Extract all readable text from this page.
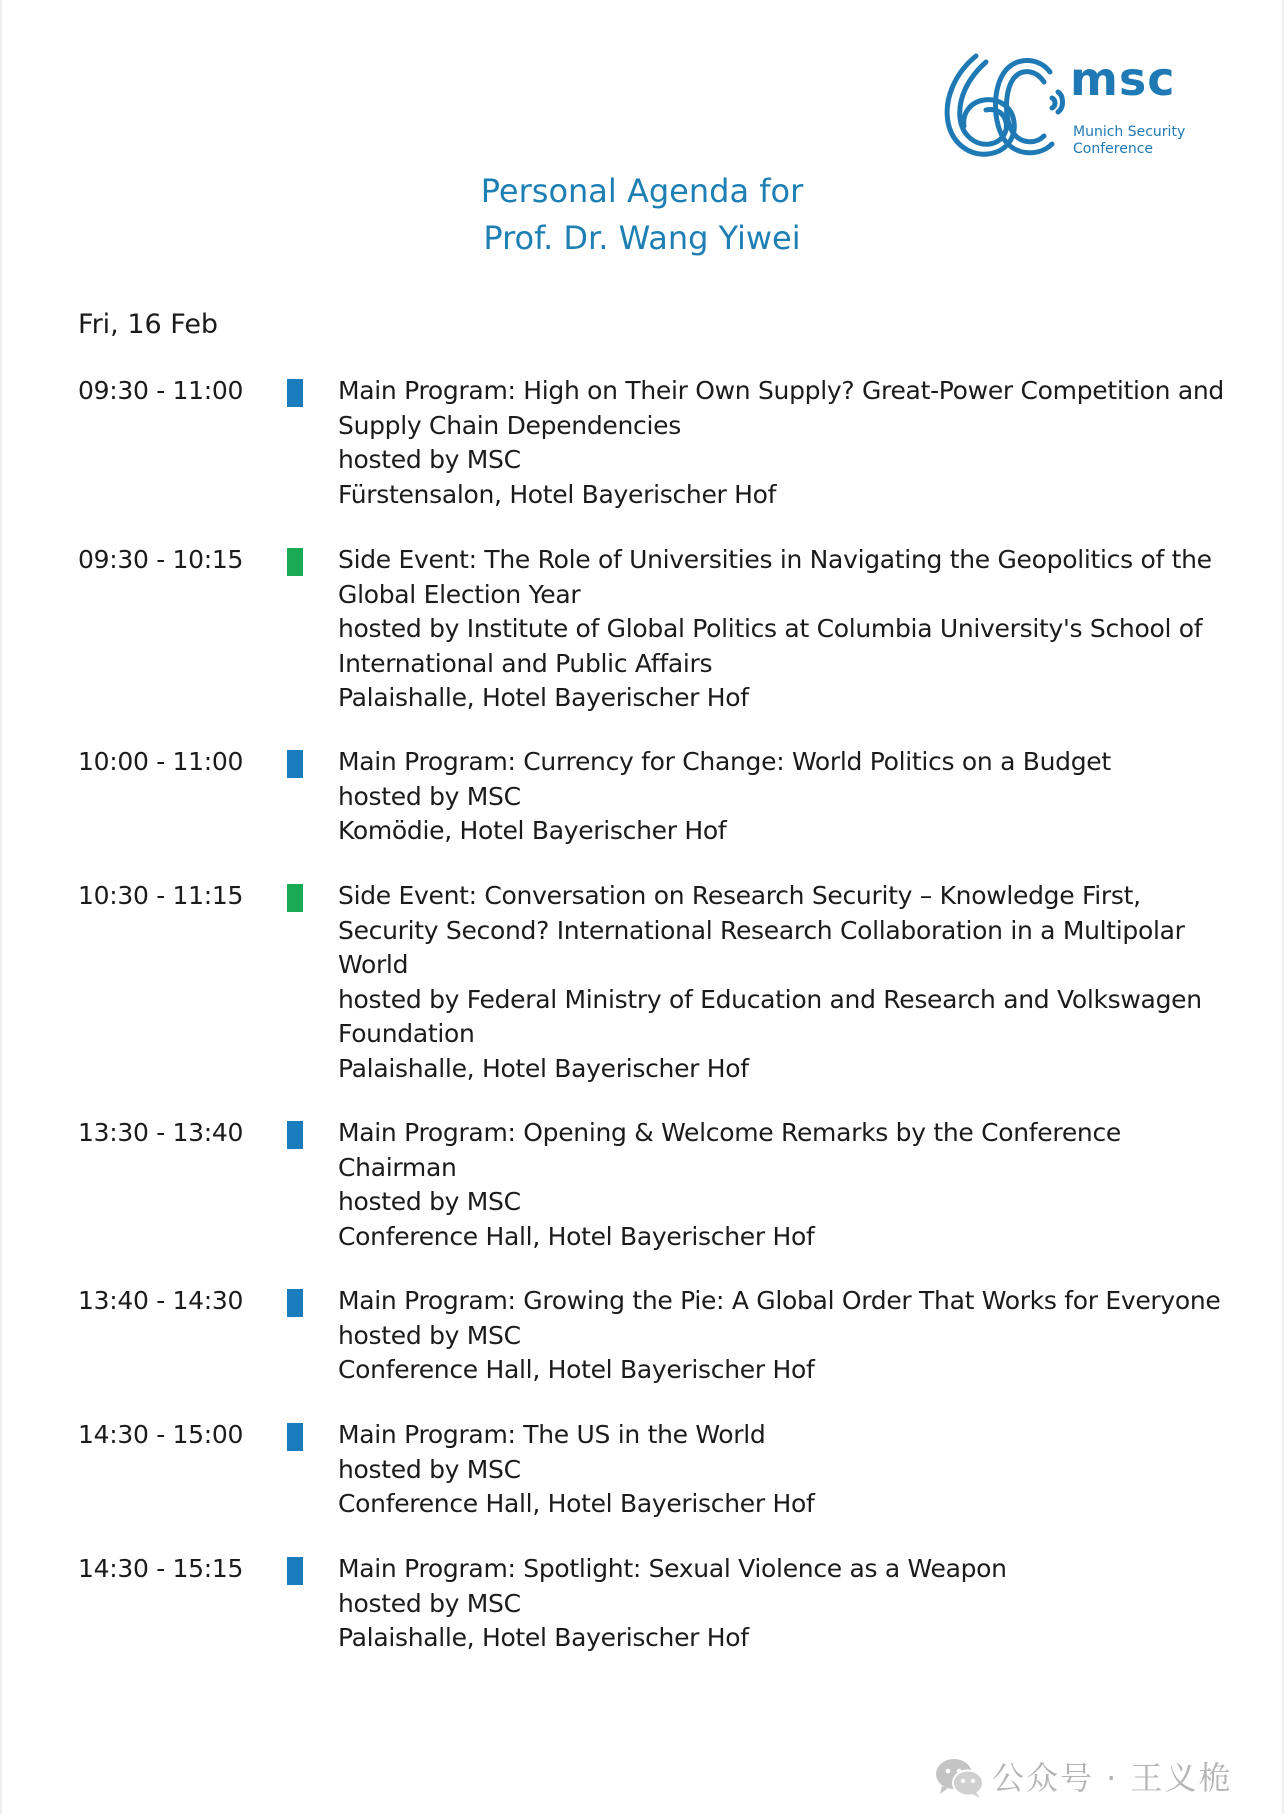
msc
Munich Security
Conference
Personal Agenda for
Prof. Dr. Wang Yiwei
Fri, 16 Feb
09:30 - 11:00	Main Program: High on Their Own Supply? Great-Power Competition and
Supply Chain Dependencies
hosted by MSC
Fürstensalon, Hotel Bayerischer Hof
09:30 - 10:15	Side Event: The Role of Universities in Navigating the Geopolitics of the
Global Election Year
hosted by Institute of Global Politics at Columbia University's School of
International and Public Affairs
Palaishalle, Hotel Bayerischer Hof
10:00 - 11:00	Main Program: Currency for Change: World Politics on a Budget
hosted by MSC
Komödie, Hotel Bayerischer Hof
10:30 - 11:15	Side Event: Conversation on Research Security – Knowledge First,
Security Second? International Research Collaboration in a Multipolar
World
hosted by Federal Ministry of Education and Research and Volkswagen
Foundation
Palaishalle, Hotel Bayerischer Hof
13:30 - 13:40	Main Program: Opening & Welcome Remarks by the Conference
Chairman
hosted by MSC
Conference Hall, Hotel Bayerischer Hof
13:40 - 14:30	Main Program: Growing the Pie: A Global Order That Works for Everyone
hosted by MSC
Conference Hall, Hotel Bayerischer Hof
14:30 - 15:00	Main Program: The US in the World
hosted by MSC
Conference Hall, Hotel Bayerischer Hof
14:30 - 15:15	Main Program: Spotlight: Sexual Violence as a Weapon
hosted by MSC
Palaishalle, Hotel Bayerischer Hof
公众号 · 王义桅
